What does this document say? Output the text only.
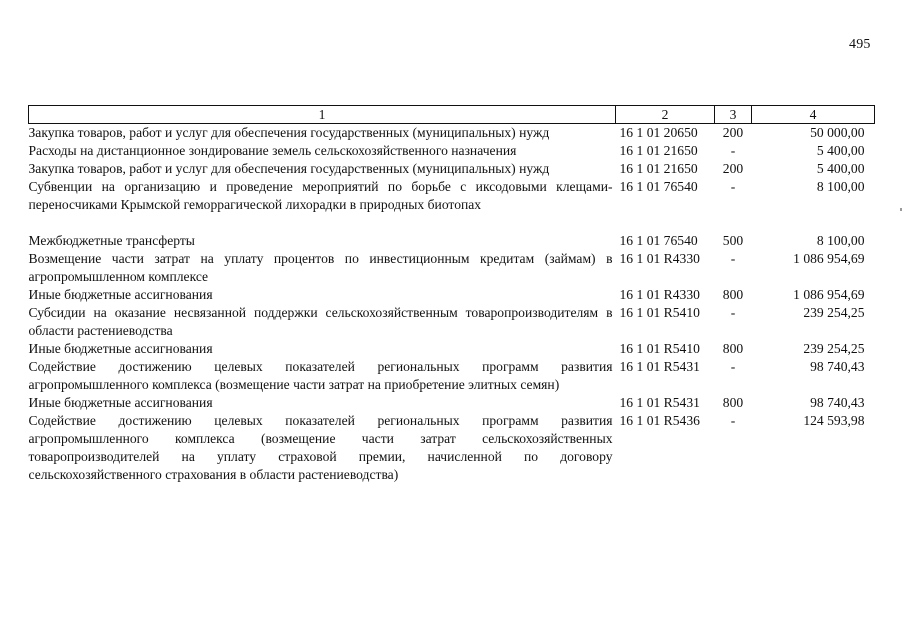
495
1	2	3	4
Закупка товаров, работ и услуг для обеспечения государственных (муниципальных) нужд	16 1 01 20650	200	50 000,00
Расходы на дистанционное зондирование земель сельскохозяйственного назначения	16 1 01 21650	-	5 400,00
Закупка товаров, работ и услуг для обеспечения государственных (муниципальных) нужд	16 1 01 21650	200	5 400,00
Субвенции на организацию и проведение мероприятий по борьбе с иксодовыми клещами-переносчиками Крымской геморрагической лихорадки в природных биотопах	16 1 01 76540	-	8 100,00
Межбюджетные трансферты	16 1 01 76540	500	8 100,00
Возмещение части затрат на уплату процентов по инвестиционным кредитам (займам) в агропромышленном комплексе	16 1 01 R4330	-	1 086 954,69
Иные бюджетные ассигнования	16 1 01 R4330	800	1 086 954,69
Субсидии на оказание несвязанной поддержки сельскохозяйственным товаропроизводителям в области растениеводства	16 1 01 R5410	-	239 254,25
Иные бюджетные ассигнования	16 1 01 R5410	800	239 254,25
Содействие достижению целевых показателей региональных программ развития агропромышленного комплекса (возмещение части затрат на приобретение элитных семян)	16 1 01 R5431	-	98 740,43
Иные бюджетные ассигнования	16 1 01 R5431	800	98 740,43
Содействие достижению целевых показателей региональных программ развития агропромышленного комплекса (возмещение части затрат сельскохозяйственных товаропроизводителей на уплату страховой премии, начисленной по договору сельскохозяйственного страхования в области растениеводства)	16 1 01 R5436	-	124 593,98
